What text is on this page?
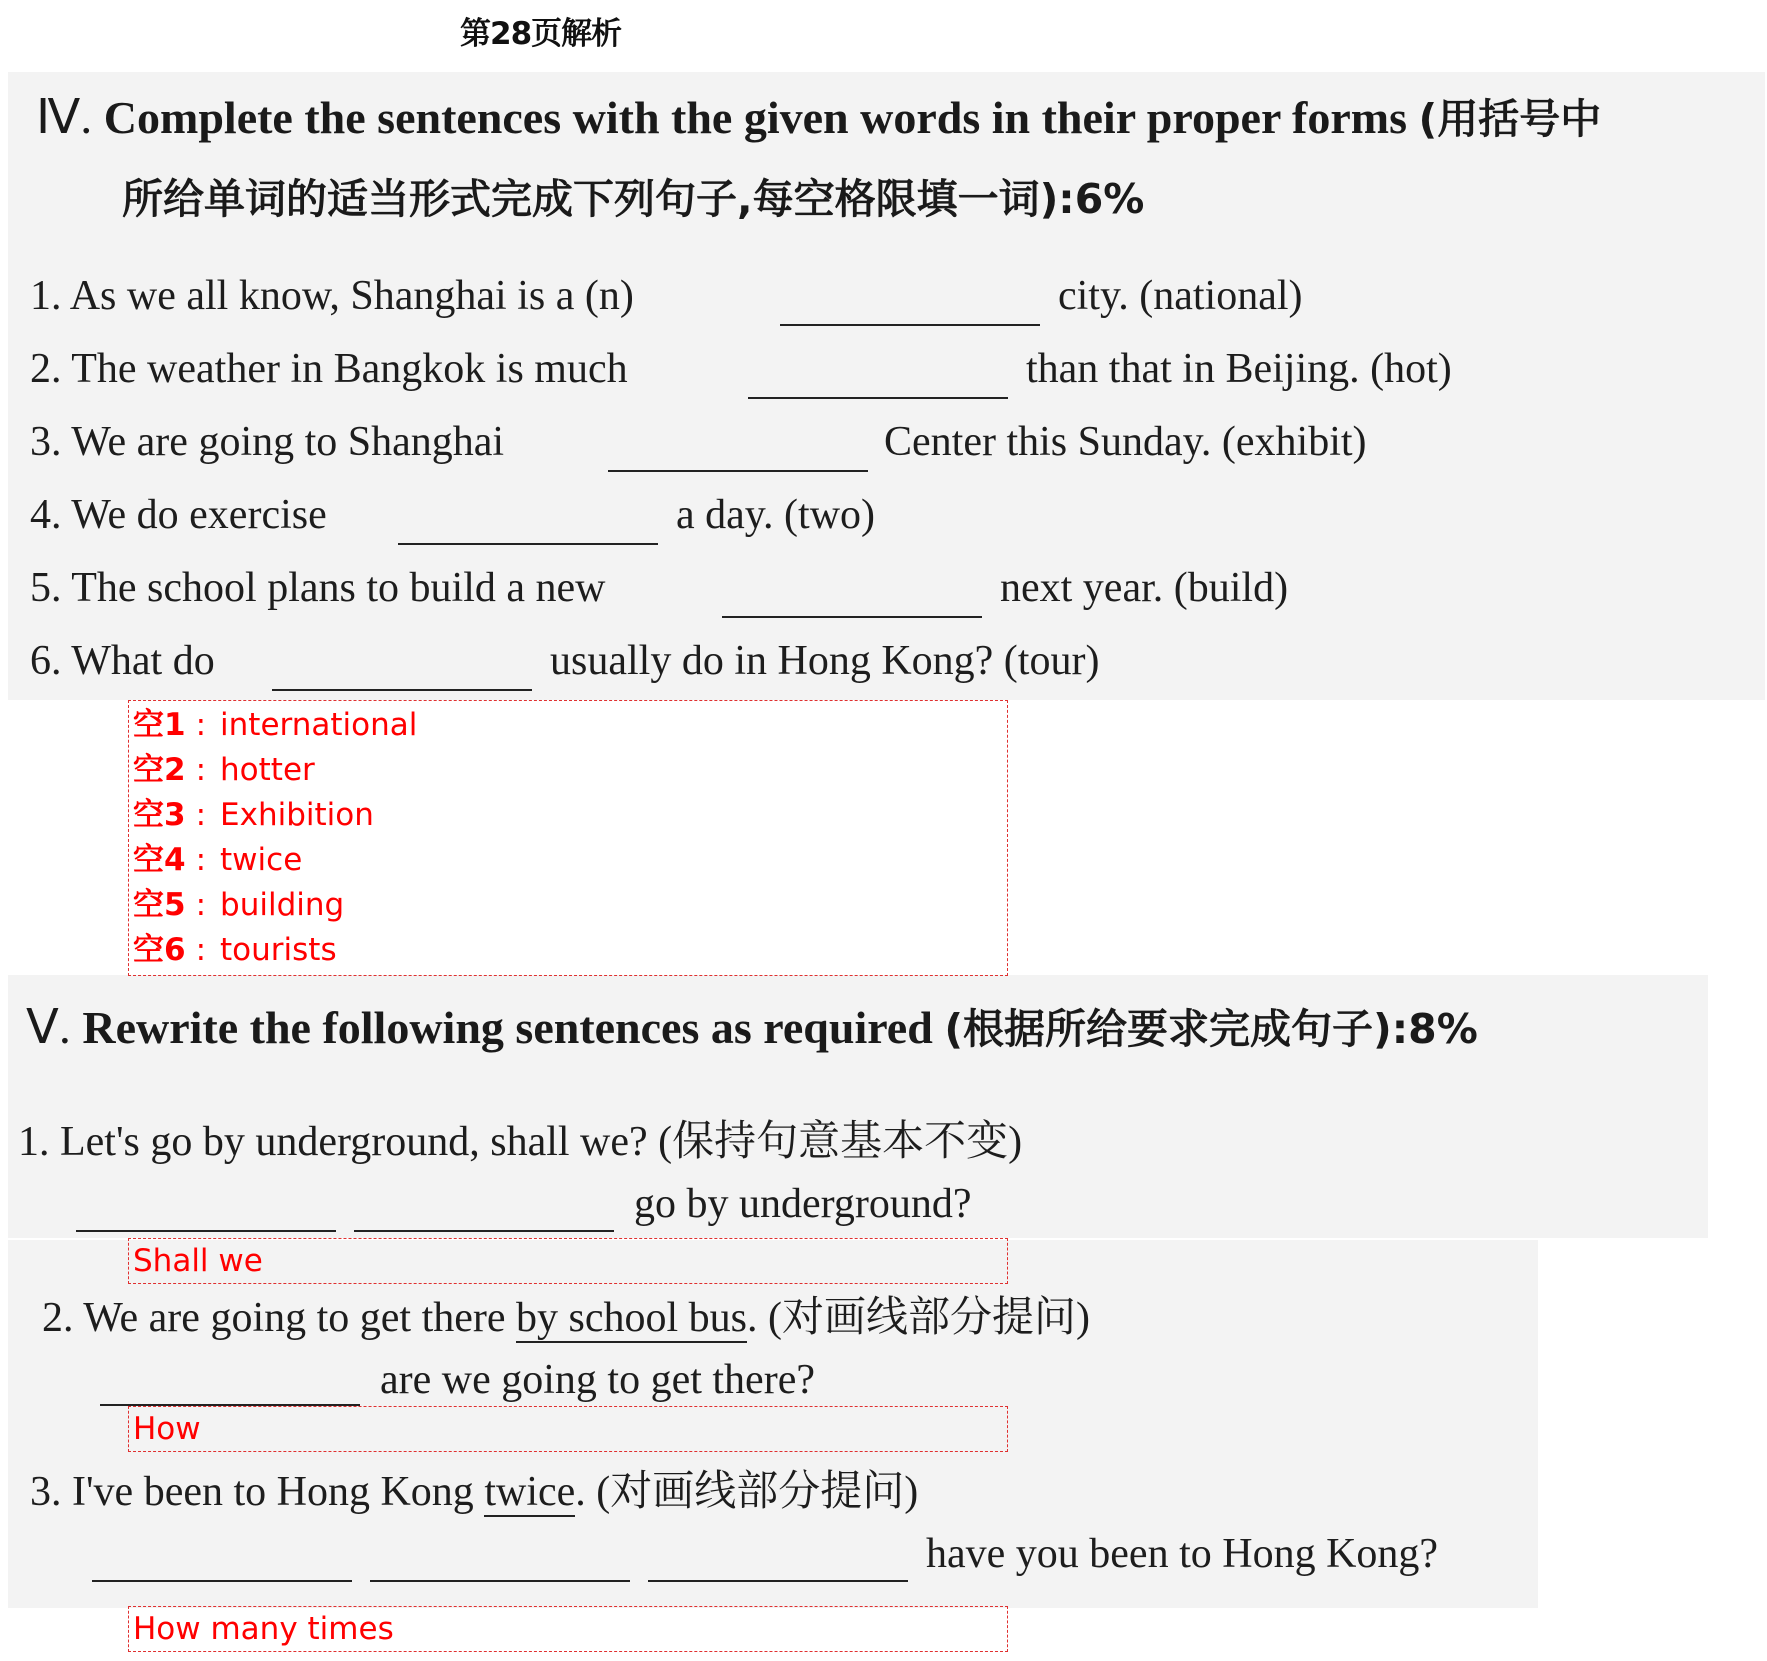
第28页解析
Ⅳ. Complete the sentences with the given words in their proper forms (用括号中
所给单词的适当形式完成下列句子,每空格限填一词):6%
1. As we all know, Shanghai is a (n)	city. (national)
2. The weather in Bangkok is much	than that in Beijing. (hot)
3. We are going to Shanghai	Center this Sunday. (exhibit)
4. We do exercise	a day. (two)
5. The school plans to build a new	next year. (build)
6. What do	usually do in Hong Kong? (tour)
空1 : international
空2 : hotter
空3 : Exhibition
空4 : twice
空5 : building
空6 : tourists
Ⅴ. Rewrite the following sentences as required (根据所给要求完成句子):8%
1. Let's go by underground, shall we? (保持句意基本不变)
go by underground?
Shall we
2. We are going to get there by school bus. (对画线部分提问)
are we going to get there?
How
3. I've been to Hong Kong twice. (对画线部分提问)
have you been to Hong Kong?
How many times
